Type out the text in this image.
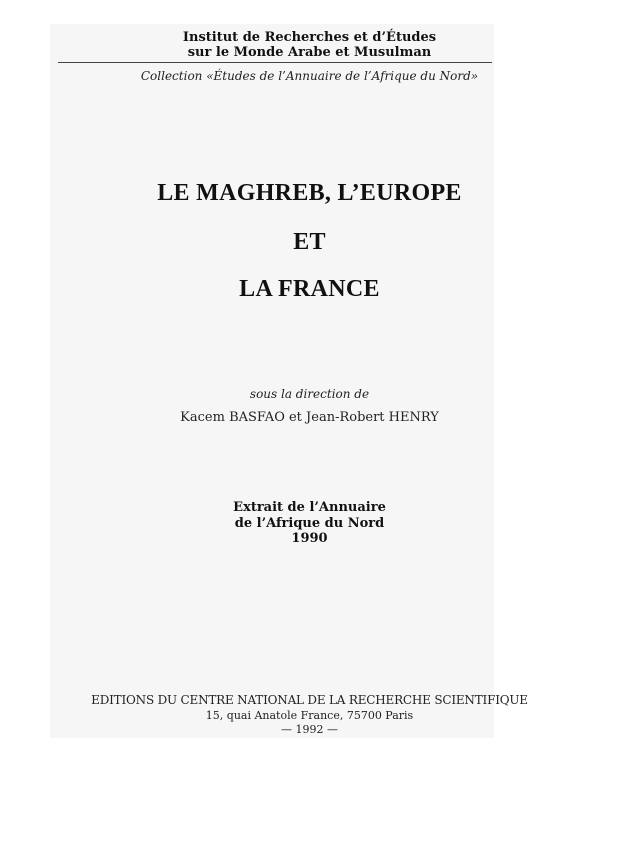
Institut de Recherches et d’Études
sur le Monde Arabe et Musulman
Collection «Études de l’Annuaire de l’Afrique du Nord»
LE MAGHREB, L’EUROPE
ET
LA FRANCE
sous la direction de
Kacem BASFAO et Jean-Robert HENRY
Extrait de l’Annuaire
de l’Afrique du Nord
1990
EDITIONS DU CENTRE NATIONAL DE LA RECHERCHE SCIENTIFIQUE
15, quai Anatole France, 75700 Paris
— 1992 —
